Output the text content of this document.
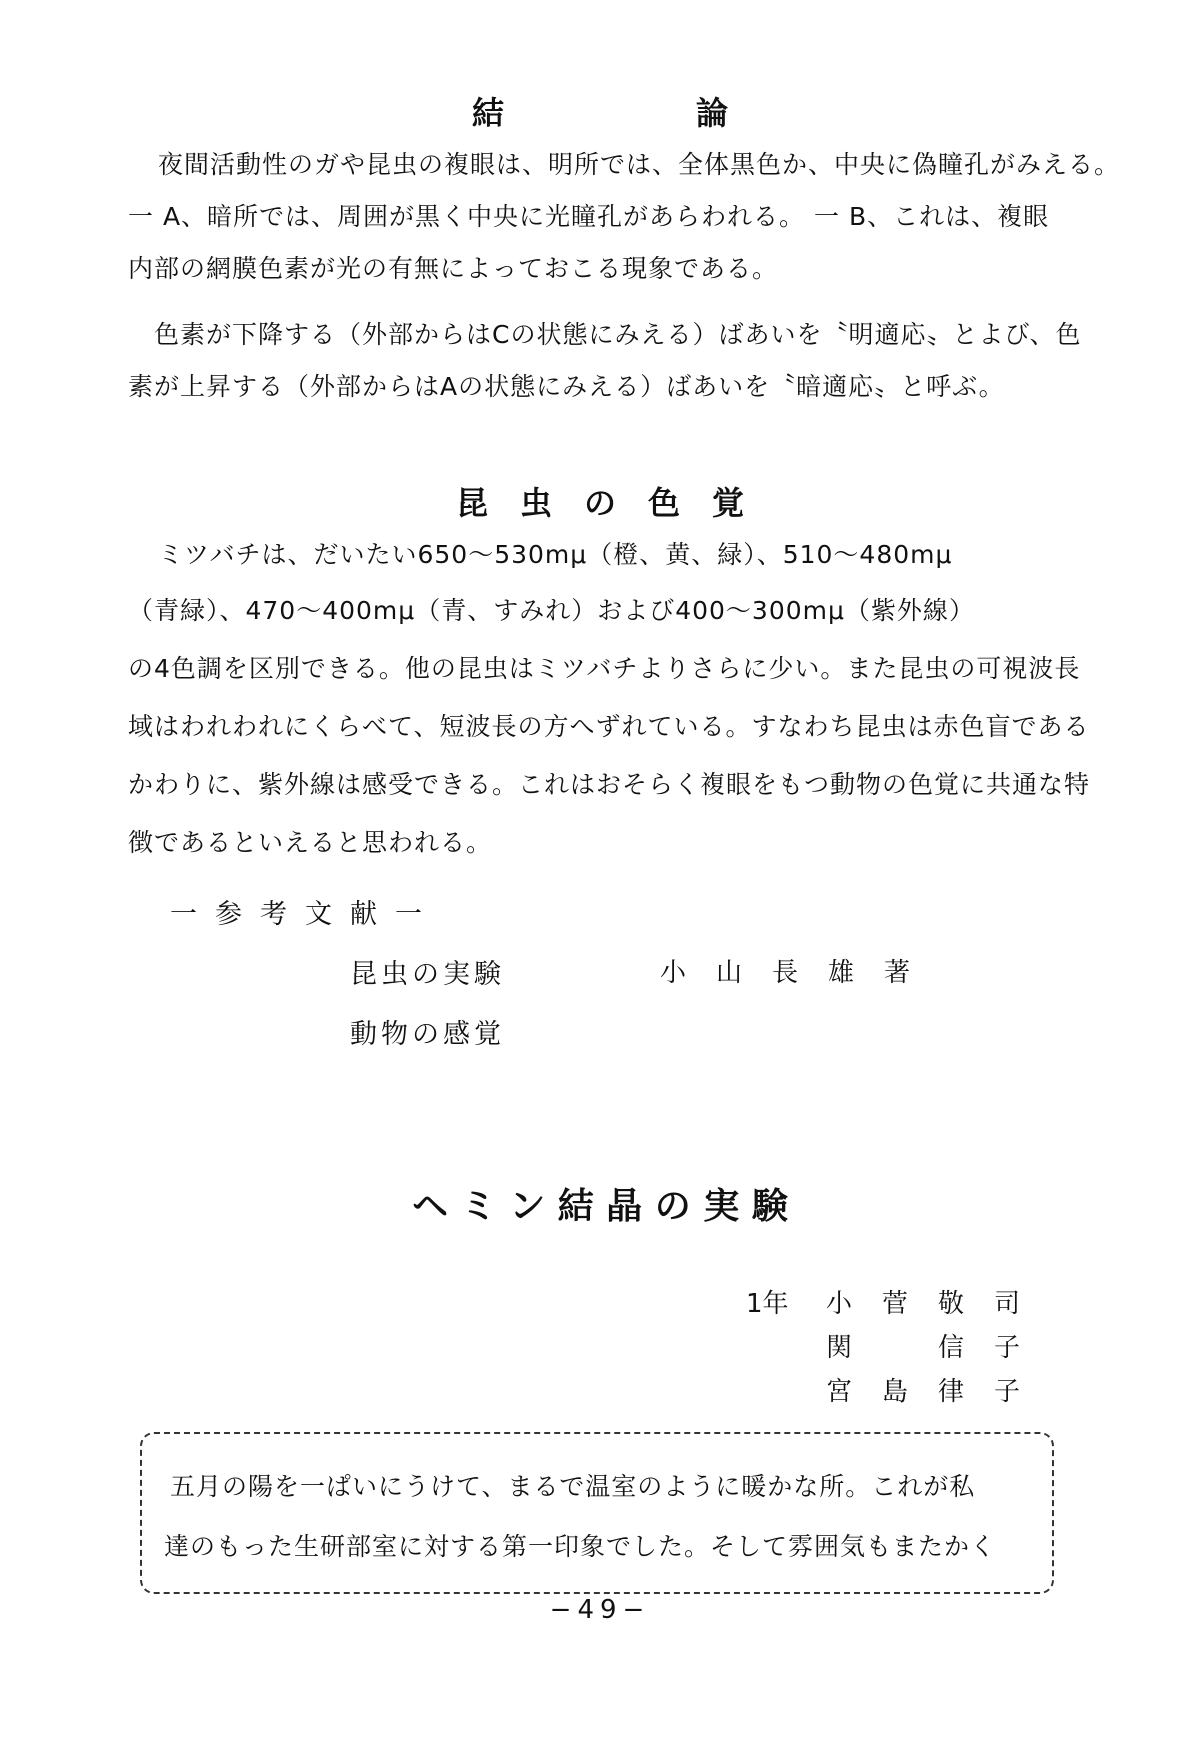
結　　　　　　論
夜間活動性のガや昆虫の複眼は、明所では、全体黒色か、中央に偽瞳孔がみえる。
一 A、暗所では、周囲が黒く中央に光瞳孔があらわれる。 一 B、これは、複眼
内部の網膜色素が光の有無によっておこる現象である。
　色素が下降する（外部からはCの状態にみえる）ばあいを〝明適応〟とよび、色
素が上昇する（外部からはAの状態にみえる）ばあいを〝暗適応〟と呼ぶ。
昆　虫　の　色　覚
ミツバチは、だいたい650〜530mμ（橙、黄、緑）、510〜480mμ
（青緑）、470〜400mμ（青、すみれ）および400〜300mμ（紫外線）
の4色調を区別できる。他の昆虫はミツバチよりさらに少い。また昆虫の可視波長
域はわれわれにくらべて、短波長の方へずれている。すなわち昆虫は赤色盲である
かわりに、紫外線は感受できる。これはおそらく複眼をもつ動物の色覚に共通な特
徴であるといえると思われる。
一参考文献一
昆虫の実験
動物の感覚
小山長雄著
ヘ ミ ン 結 晶 の 実 験
1年	小菅敬司
関　信子
宮島律子
五月の陽を一ぱいにうけて、まるで温室のように暖かな所。これが私
達のもった生研部室に対する第一印象でした。そして雰囲気もまたかく
−49−
